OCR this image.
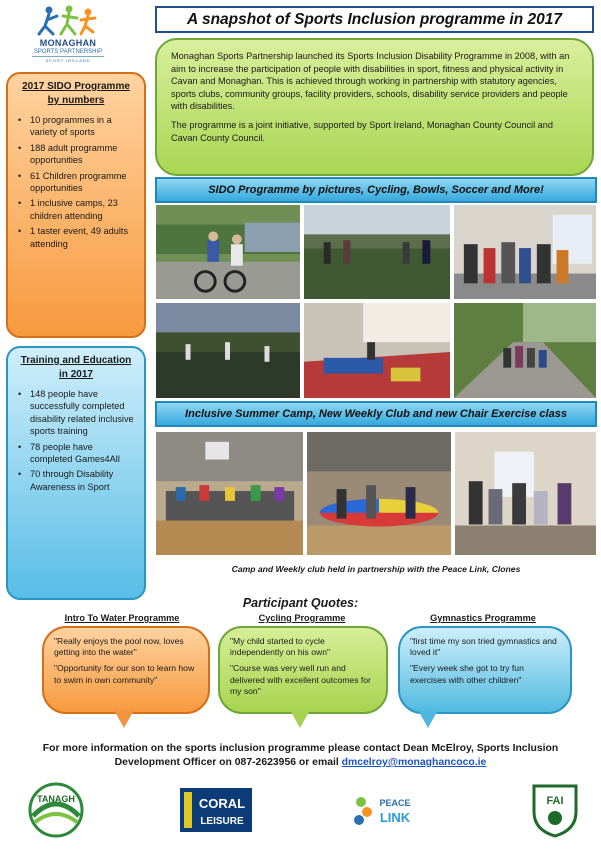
MONAGHAN
SPORTS PARTNERSHIP
SPORT IRELAND
A snapshot of Sports Inclusion programme in 2017

Monaghan Sports Partnership launched its Sports Inclusion Disability Programme in 2008, with an aim to increase the participation of people with disabilities in sport, fitness and physical activity in Cavan and Monaghan. This is achieved through working in partnership with statutory agencies, sports clubs, community groups, facility providers, schools, disability service providers and people with disabilities.

The programme is a joint initiative, supported by Sport Ireland, Monaghan County Council and Cavan County Council.

2017 SIDO Programme by numbers
• 10 programmes in a variety of sports
• 188 adult programme opportunities
• 61 Children programme opportunities
• 1 inclusive camps, 23 children attending
• 1 taster event, 49 adults attending
Training and Education in 2017
• 148 people have successfully completed disability related inclusive sports training
• 78 people have completed Games4All
• 70 through Disability Awareness in Sport
SIDO Programme by pictures, Cycling, Bowls, Soccer and More!
Inclusive Summer Camp, New Weekly Club and new Chair Exercise class
Camp and Weekly club held in partnership with the Peace Link, Clones
Participant Quotes:
Intro To Water Programme	Cycling Programme	Gymnastics Programme

"Really enjoys the pool now, loves getting into the water"

"Opportunity for our son to learn how to swim in own community"

"My child started to cycle independently on his own"

"Course was very well run and delivered with excellent outcomes for my son"

"first time my son tried gymnastics and loved it"

"Every week she got to try fun exercises with other children"

For more information on the sports inclusion programme please contact Dean McElroy, Sports Inclusion Development Officer on 087-2623956 or email dmcelroy@monaghancoco.ie
TANAGH	CORAL
LEISURE
PEACE
LINK
FAI
